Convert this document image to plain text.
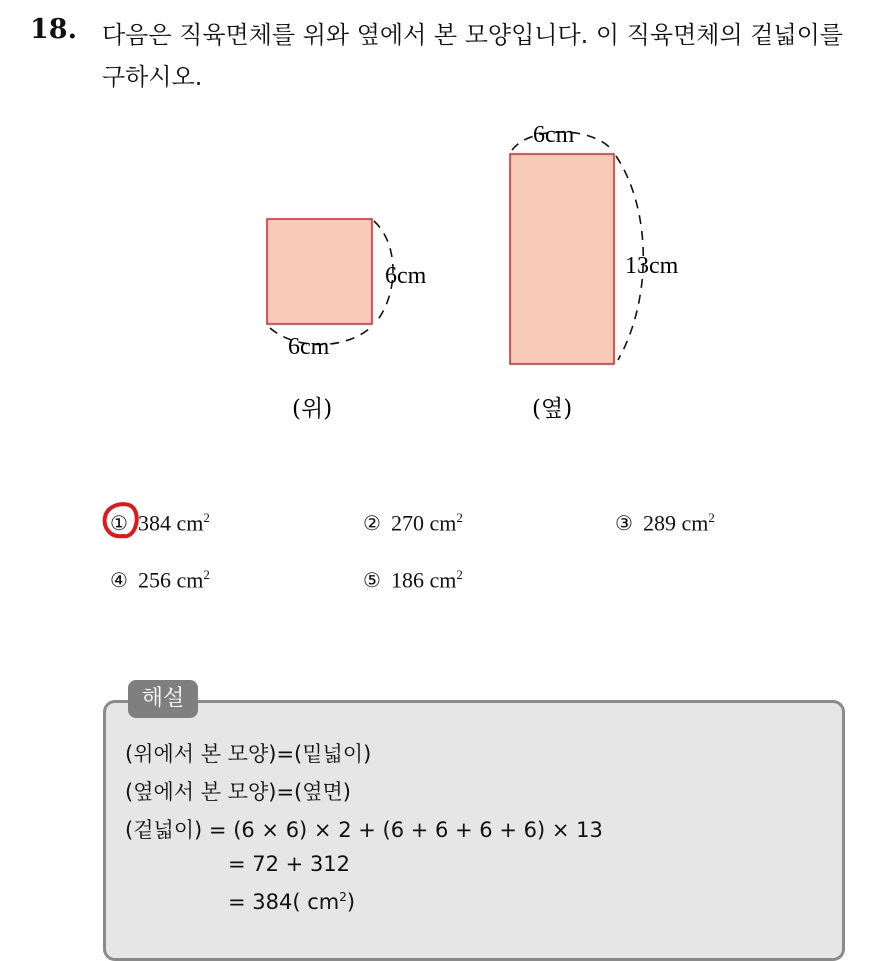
18. 다음은 직육면체를 위와 옆에서 본 모양입니다. 이 직육면체의 겉넓이를 구하시오.
6cm
6cm
(위)
6cm
13cm
(옆)
① 384 $cm^2$	② 270 $cm^2$	③ 289 $cm^2$
④ 256 $cm^2$	⑤ 186 $cm^2$
해설
(위에서 본 모양)=(밑넓이)
(옆에서 본 모양)=(옆면)
(겉넓이) = (6 × 6) × 2 + (6 + 6 + 6 + 6) × 13
= 72 + 312
= 384( $cm^2$)
